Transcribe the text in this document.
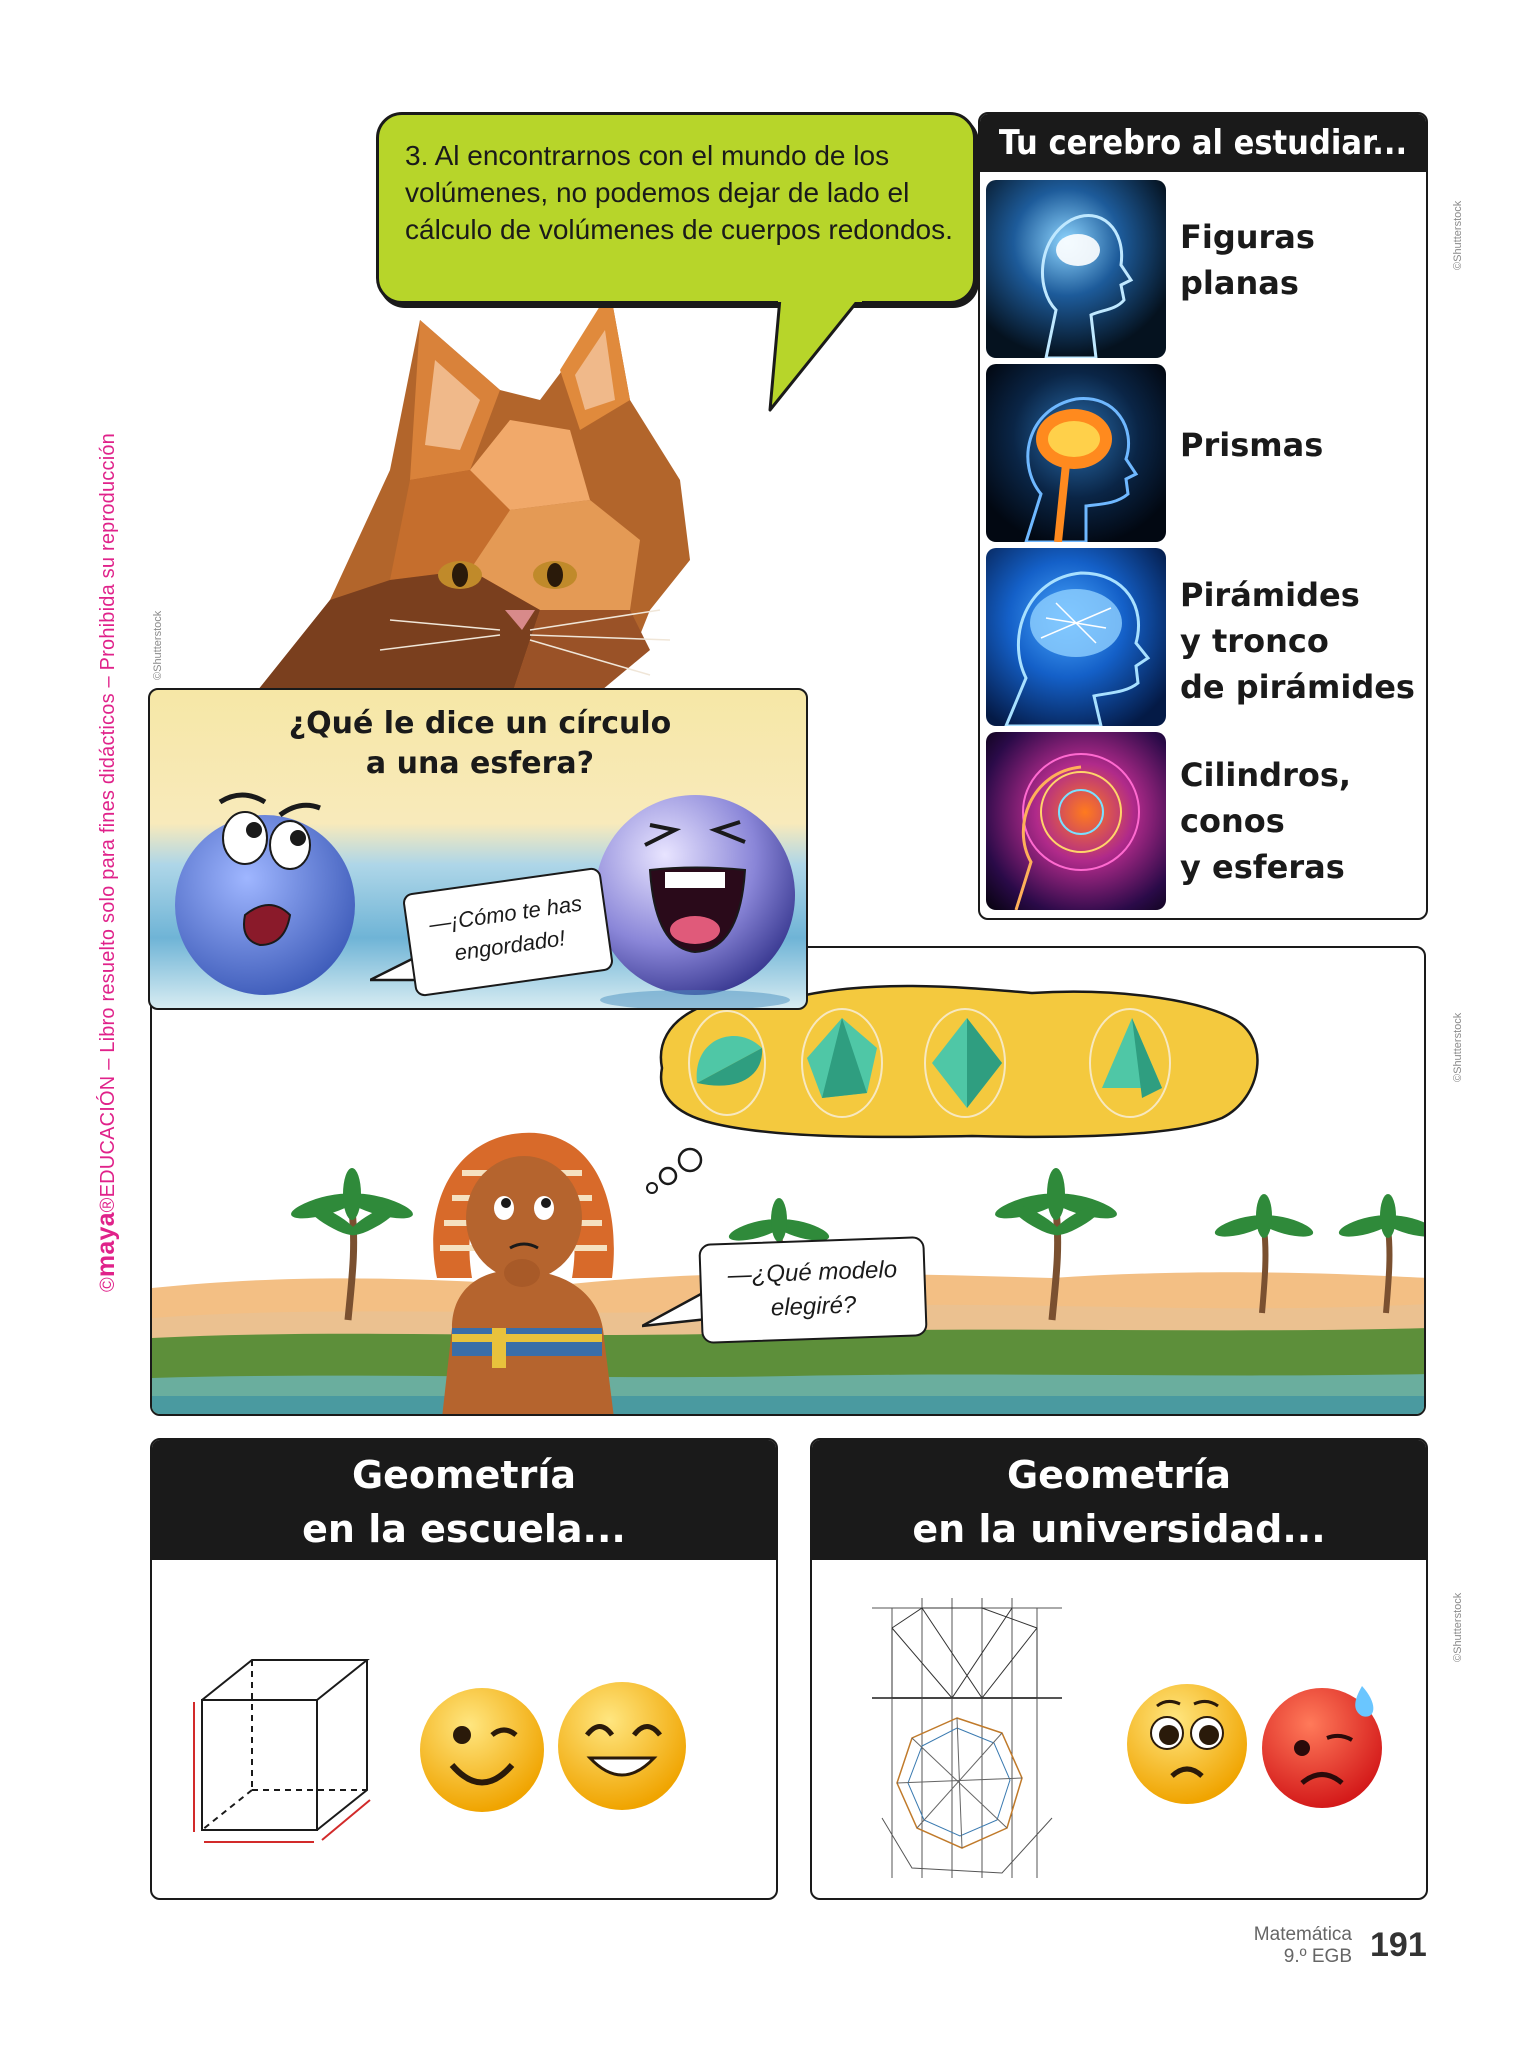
©maya®EDUCACIÓN – Libro resuelto solo para fines didácticos – Prohibida su reproducción
©Shutterstock
©Shutterstock
©Shutterstock
©Shutterstock

3. Al encontrarnos con el mundo de los volúmenes, no podemos dejar de lado el cálculo de volúmenes de cuerpos redondos.

Tu cerebro al estudiar...
Figuras
planas
Prismas
Pirámides
y tronco
de pirámides
Cilindros,
conos
y esferas
—¿Qué modelo
elegiré?
¿Qué le dice un círculo
a una esfera?
—¡Cómo te has
engordado!
Geometría
en la escuela...
Geometría
en la universidad...
Matemática
9.º EGB 191
